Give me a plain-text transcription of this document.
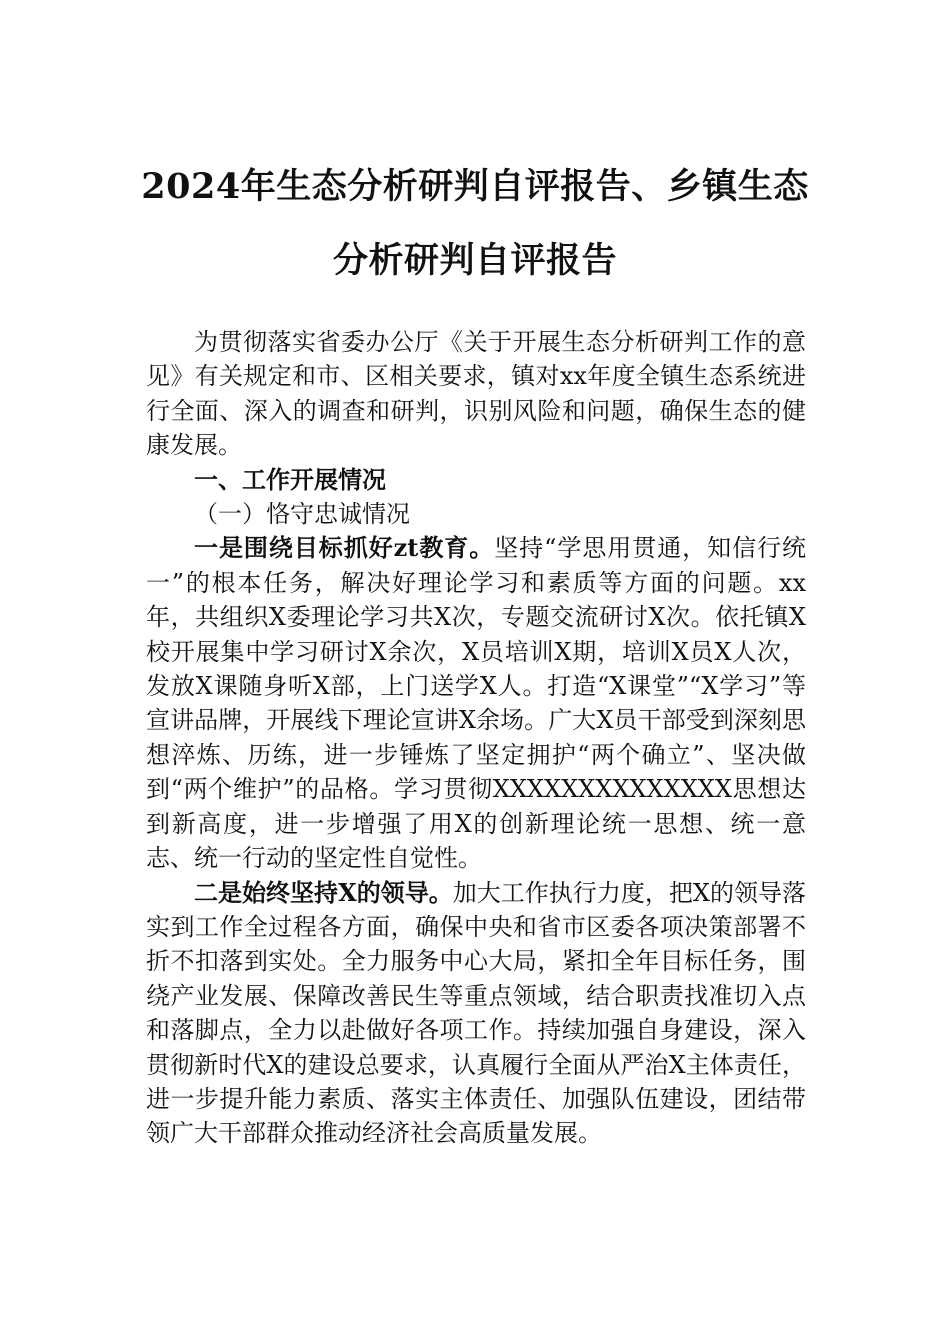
2024年生态分析研判自评报告、乡镇生态分析研判自评报告

为贯彻落实省委办公厅《关于开展生态分析研判工作的意见》有关规定和市、区相关要求，镇对xx年度全镇生态系统进行全面、深入的调查和研判，识别风险和问题，确保生态的健康发展。

一、工作开展情况

（一）恪守忠诚情况

一是围绕目标抓好zt教育。坚持“学思用贯通，知信行统一”的根本任务，解决好理论学习和素质等方面的问题。xx年，共组织X委理论学习共X次，专题交流研讨X次。依托镇X校开展集中学习研讨X余次，X员培训X期，培训X员X人次，发放X课随身听X部，上门送学X人。打造“X课堂”“X学习”等宣讲品牌，开展线下理论宣讲X余场。广大X员干部受到深刻思想淬炼、历练，进一步锤炼了坚定拥护“两个确立”、坚决做到“两个维护”的品格。学习贯彻XXXXXXXXXXXXXX思想达到新高度，进一步增强了用X的创新理论统一思想、统一意志、统一行动的坚定性自觉性。

二是始终坚持X的领导。加大工作执行力度，把X的领导落实到工作全过程各方面，确保中央和省市区委各项决策部署不折不扣落到实处。全力服务中心大局，紧扣全年目标任务，围绕产业发展、保障改善民生等重点领域，结合职责找准切入点和落脚点，全力以赴做好各项工作。持续加强自身建设，深入贯彻新时代X的建设总要求，认真履行全面从严治X主体责任，进一步提升能力素质、落实主体责任、加强队伍建设，团结带领广大干部群众推动经济社会高质量发展。
